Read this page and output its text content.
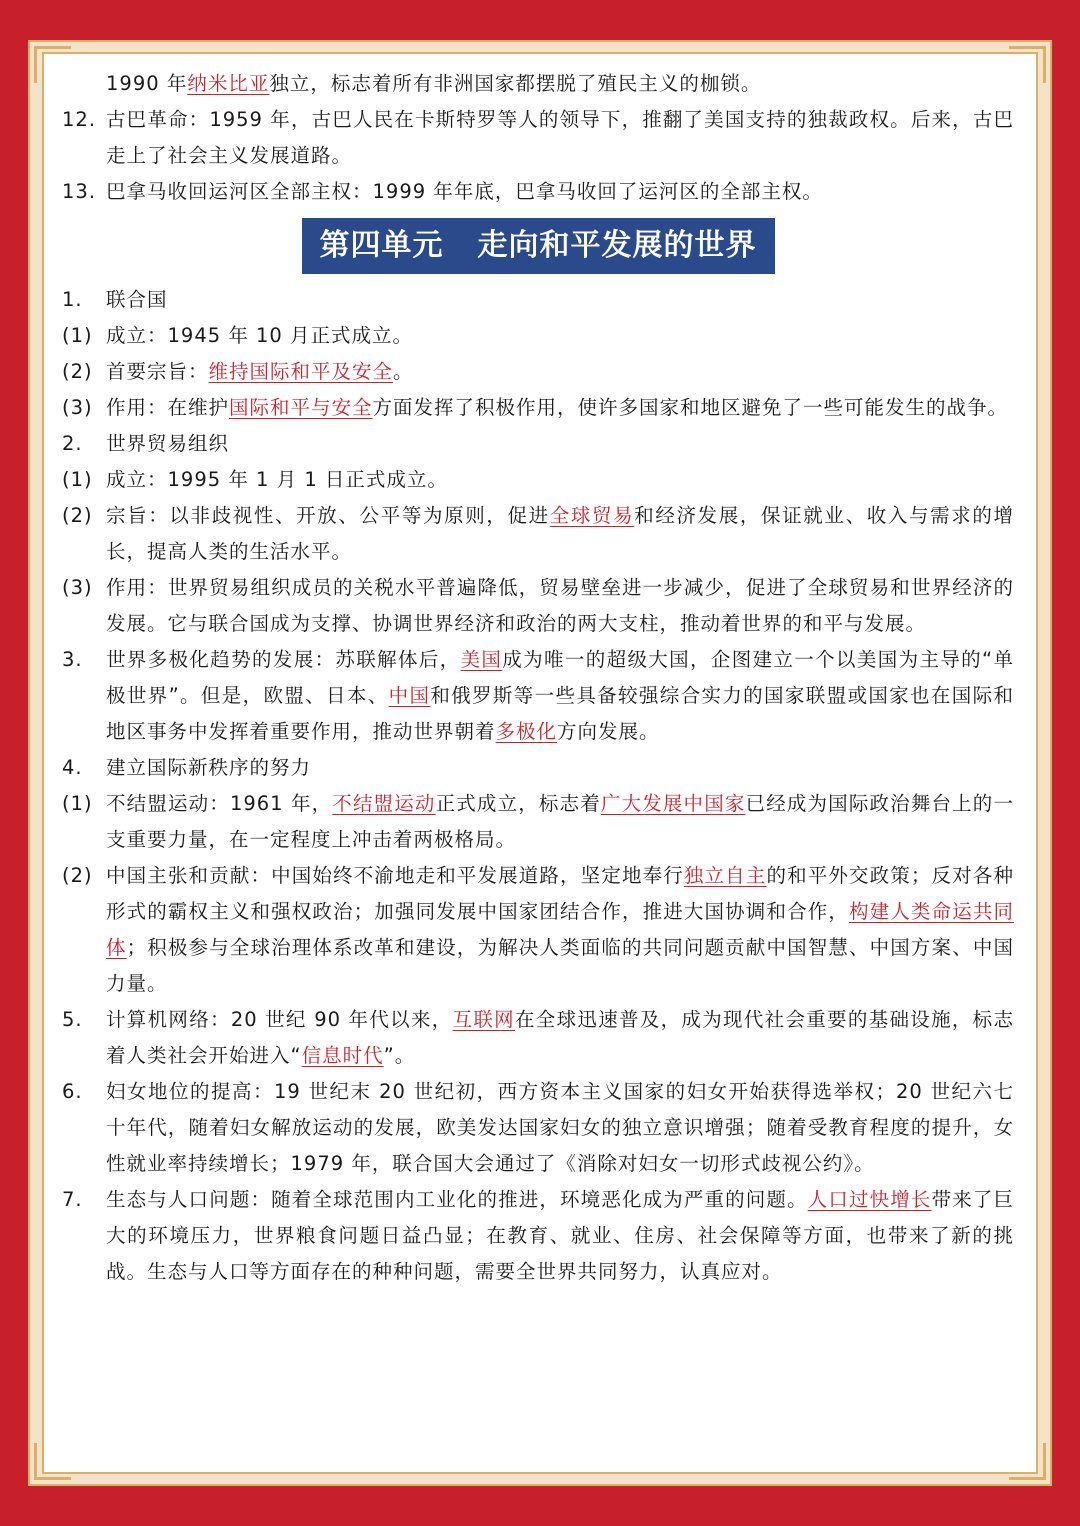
1990 年纳米比亚独立，标志着所有非洲国家都摆脱了殖民主义的枷锁。
12. 古巴革命：1959 年，古巴人民在卡斯特罗等人的领导下，推翻了美国支持的独裁政权。后来，古巴走上了社会主义发展道路。
13. 巴拿马收回运河区全部主权：1999 年年底，巴拿马收回了运河区的全部主权。
第四单元 走向和平发展的世界
1.	联合国
(1) 成立：1945 年 10 月正式成立。
(2) 首要宗旨：维持国际和平及安全。
(3) 作用：在维护国际和平与安全方面发挥了积极作用，使许多国家和地区避免了一些可能发生的战争。
2.	世界贸易组织
(1) 成立：1995 年 1 月 1 日正式成立。
(2) 宗旨：以非歧视性、开放、公平等为原则，促进全球贸易和经济发展，保证就业、收入与需求的增长，提高人类的生活水平。
(3) 作用：世界贸易组织成员的关税水平普遍降低，贸易壁垒进一步减少，促进了全球贸易和世界经济的发展。它与联合国成为支撑、协调世界经济和政治的两大支柱，推动着世界的和平与发展。
3.	世界多极化趋势的发展：苏联解体后，美国成为唯一的超级大国，企图建立一个以美国为主导的“单极世界”。但是，欧盟、日本、中国和俄罗斯等一些具备较强综合实力的国家联盟或国家也在国际和地区事务中发挥着重要作用，推动世界朝着多极化方向发展。
4.	建立国际新秩序的努力
(1) 不结盟运动：1961 年，不结盟运动正式成立，标志着广大发展中国家已经成为国际政治舞台上的一支重要力量，在一定程度上冲击着两极格局。
(2) 中国主张和贡献：中国始终不渝地走和平发展道路，坚定地奉行独立自主的和平外交政策；反对各种形式的霸权主义和强权政治；加强同发展中国家团结合作，推进大国协调和合作，构建人类命运共同体；积极参与全球治理体系改革和建设，为解决人类面临的共同问题贡献中国智慧、中国方案、中国力量。
5.	计算机网络：20 世纪 90 年代以来，互联网在全球迅速普及，成为现代社会重要的基础设施，标志着人类社会开始进入“信息时代”。
6.	妇女地位的提高：19 世纪末 20 世纪初，西方资本主义国家的妇女开始获得选举权；20 世纪六七十年代，随着妇女解放运动的发展，欧美发达国家妇女的独立意识增强；随着受教育程度的提升，女性就业率持续增长；1979 年，联合国大会通过了《消除对妇女一切形式歧视公约》。
7.	生态与人口问题：随着全球范围内工业化的推进，环境恶化成为严重的问题。人口过快增长带来了巨大的环境压力，世界粮食问题日益凸显；在教育、就业、住房、社会保障等方面，也带来了新的挑战。生态与人口等方面存在的种种问题，需要全世界共同努力，认真应对。
